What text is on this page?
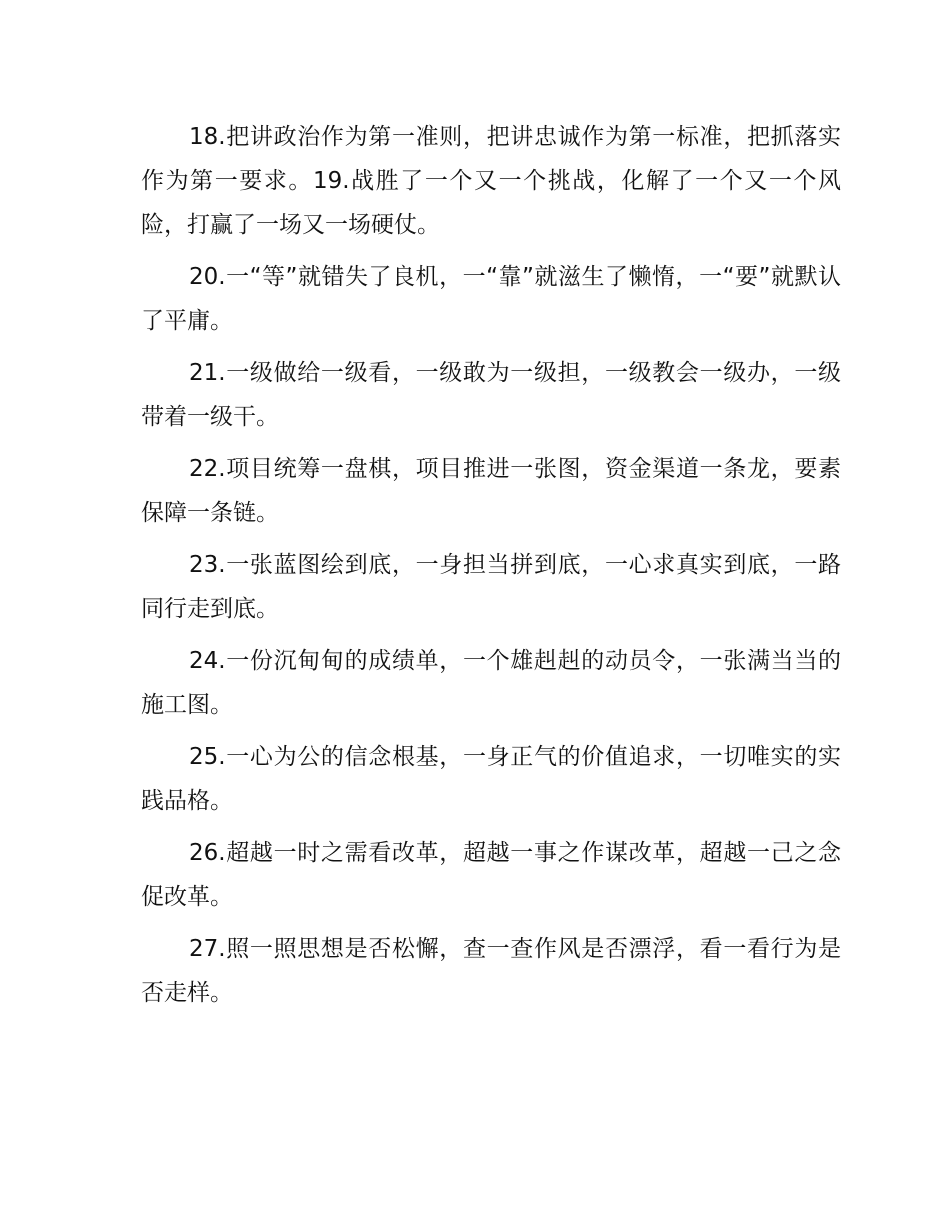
18.把讲政治作为第一准则，把讲忠诚作为第一标准，把抓落实作为第一要求。19.战胜了一个又一个挑战，化解了一个又一个风险，打赢了一场又一场硬仗。

20.一“等”就错失了良机，一“靠”就滋生了懒惰，一“要”就默认了平庸。

21.一级做给一级看，一级敢为一级担，一级教会一级办，一级带着一级干。

22.项目统筹一盘棋，项目推进一张图，资金渠道一条龙，要素保障一条链。

23.一张蓝图绘到底，一身担当拼到底，一心求真实到底，一路同行走到底。

24.一份沉甸甸的成绩单，一个雄赳赳的动员令，一张满当当的施工图。

25.一心为公的信念根基，一身正气的价值追求，一切唯实的实践品格。

26.超越一时之需看改革，超越一事之作谋改革，超越一己之念促改革。

27.照一照思想是否松懈，查一查作风是否漂浮，看一看行为是否走样。
